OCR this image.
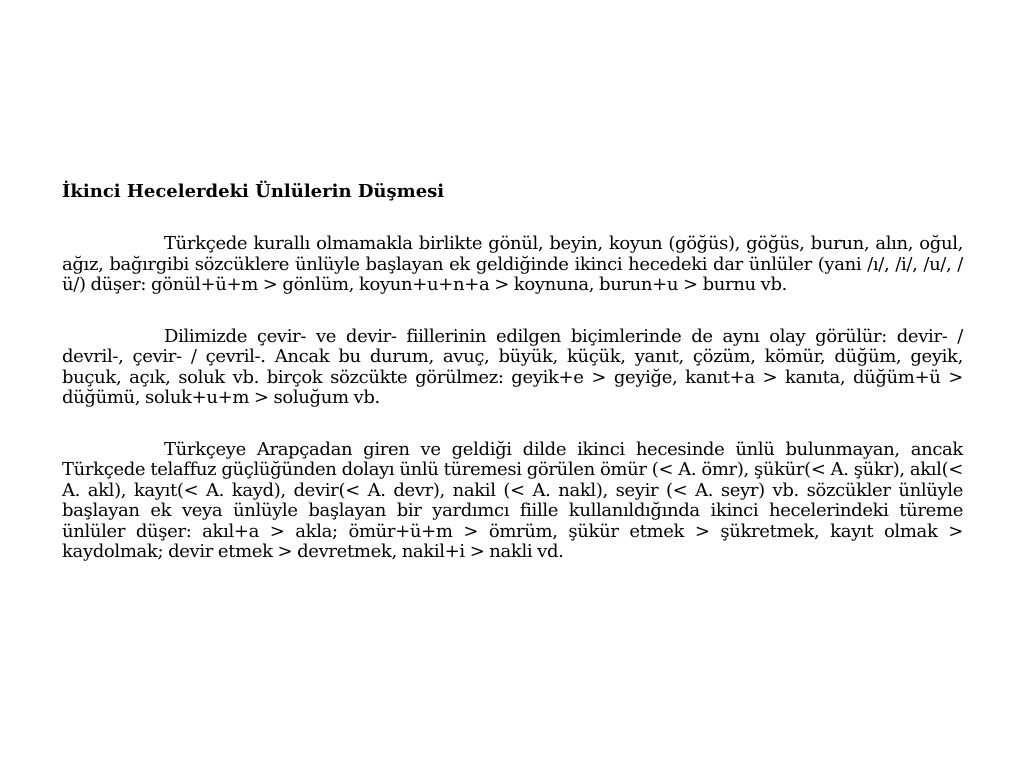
İkinci Hecelerdeki Ünlülerin Düşmesi

Türkçede kurallı olmamakla birlikte gönül, beyin, koyun (göğüs), göğüs, burun, alın, oğul, ağız, bağırgibi sözcüklere ünlüyle başlayan ek geldiğinde ikinci hecedeki dar ünlüler (yani /ı/, /i/, /u/, /ü/) düşer: gönül+ü+m > gönlüm, koyun+u+n+a > koynuna, burun+u > burnu vb.

Dilimizde çevir- ve devir- fiillerinin edilgen biçimlerinde de aynı olay görülür: devir- / devril-, çevir- / çevril-. Ancak bu durum, avuç, büyük, küçük, yanıt, çözüm, kömür, düğüm, geyik, buçuk, açık, soluk vb. birçok sözcükte görülmez: geyik+e > geyiğe, kanıt+a > kanıta, düğüm+ü > düğümü, soluk+u+m > soluğum vb.

Türkçeye Arapçadan giren ve geldiği dilde ikinci hecesinde ünlü bulunmayan, ancak Türkçede telaffuz güçlüğünden dolayı ünlü türemesi görülen ömür (< A. ömr), şükür(< A. şükr), akıl(< A. akl), kayıt(< A. kayd), devir(< A. devr), nakil (< A. nakl), seyir (< A. seyr) vb. sözcükler ünlüyle başlayan ek veya ünlüyle başlayan bir yardımcı fiille kullanıldığında ikinci hecelerindeki türeme ünlüler düşer: akıl+a > akla; ömür+ü+m > ömrüm, şükür etmek > şükretmek, kayıt olmak > kaydolmak; devir etmek > devretmek, nakil+i > nakli vd.
